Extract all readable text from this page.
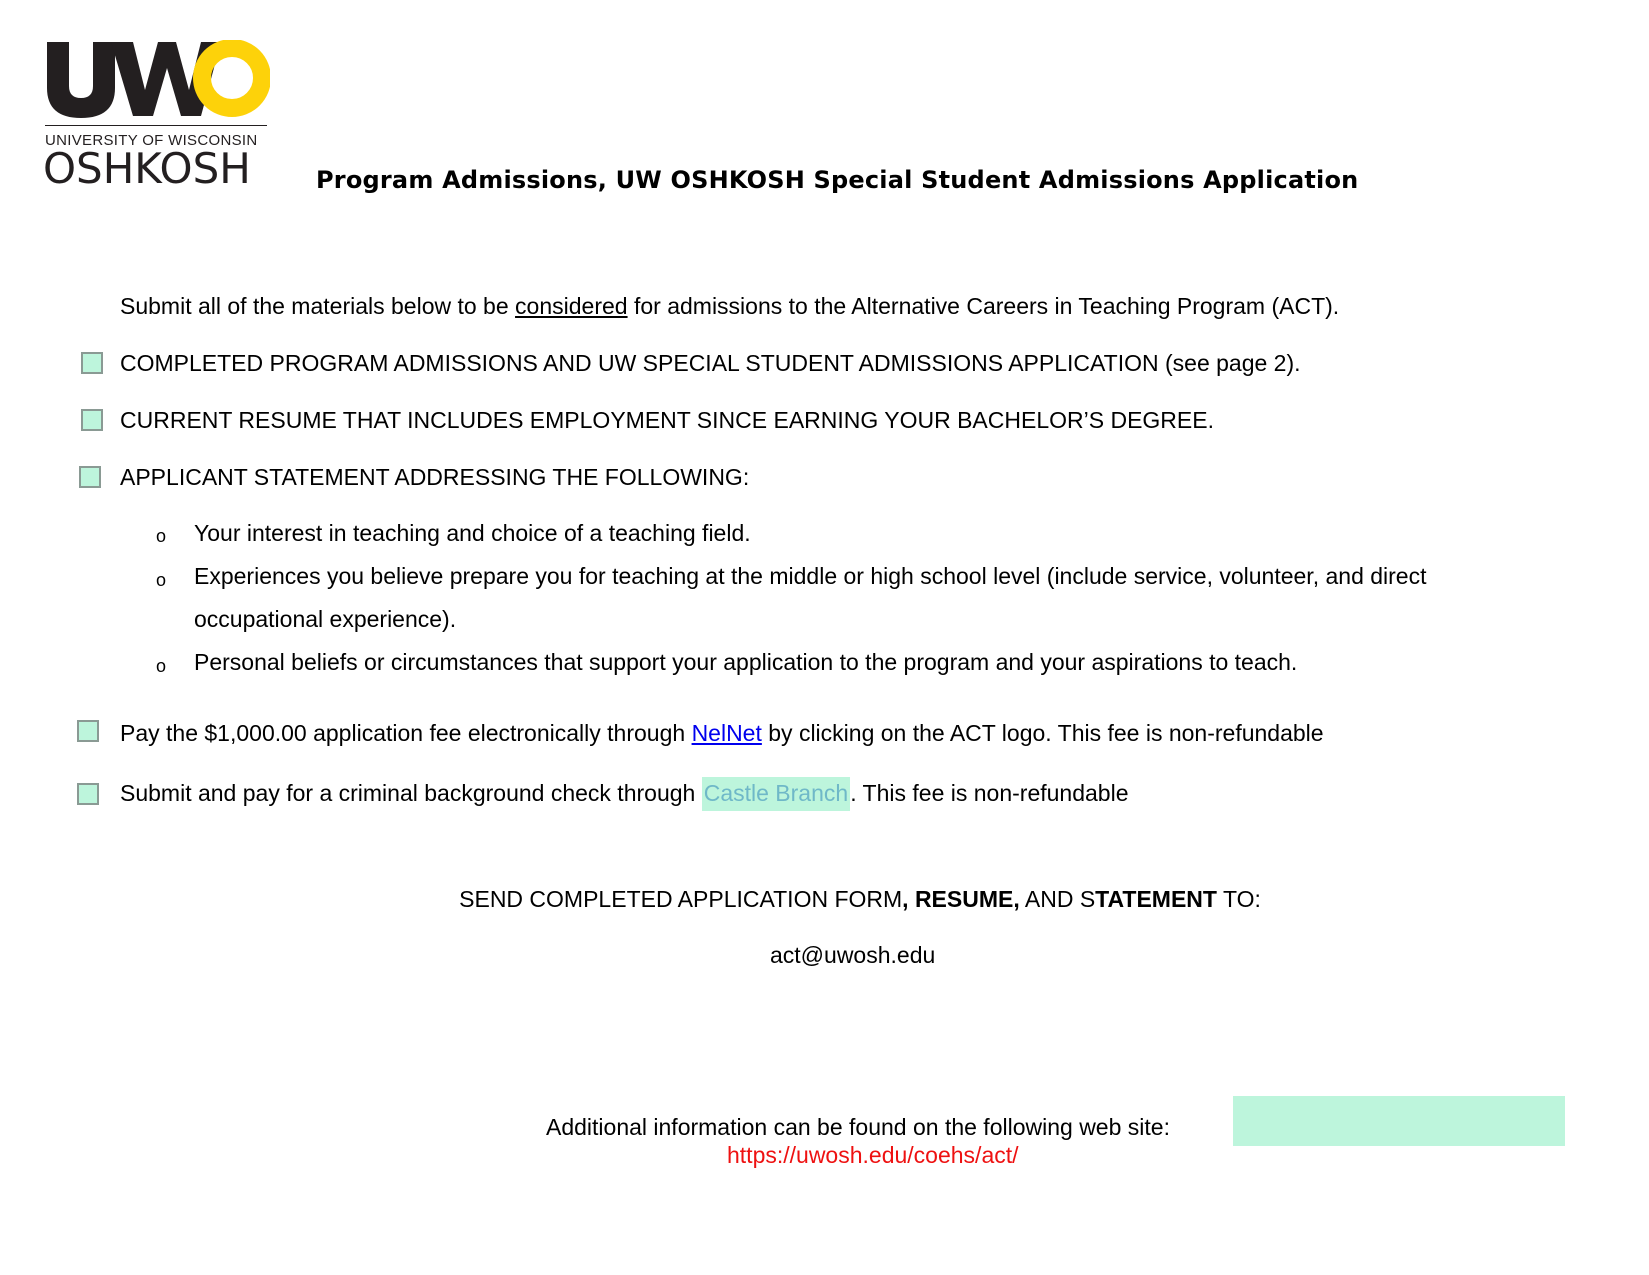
UNIVERSITY OF WISCONSIN
OSHKOSH	Program Admissions, UW OSHKOSH Special Student Admissions Application
Submit all of the materials below to be considered for admissions to the Alternative Careers in Teaching Program (ACT).
COMPLETED PROGRAM ADMISSIONS AND UW SPECIAL STUDENT ADMISSIONS APPLICATION (see page 2).
CURRENT RESUME THAT INCLUDES EMPLOYMENT SINCE EARNING YOUR BACHELOR’S DEGREE.
APPLICANT STATEMENT ADDRESSING THE FOLLOWING:
o Your interest in teaching and choice of a teaching field.
o Experiences you believe prepare you for teaching at the middle or high school level (include service, volunteer, and direct
occupational experience).
o Personal beliefs or circumstances that support your application to the program and your aspirations to teach.
Pay the $1,000.00 application fee electronically through NelNet by clicking on the ACT logo. This fee is non-refundable
Submit and pay for a criminal background check through Castle Branch. This fee is non-refundable
SEND COMPLETED APPLICATION FORM, RESUME, AND STATEMENT TO:
act@uwosh.edu
Additional information can be found on the following web site:
https://uwosh.edu/coehs/act/
